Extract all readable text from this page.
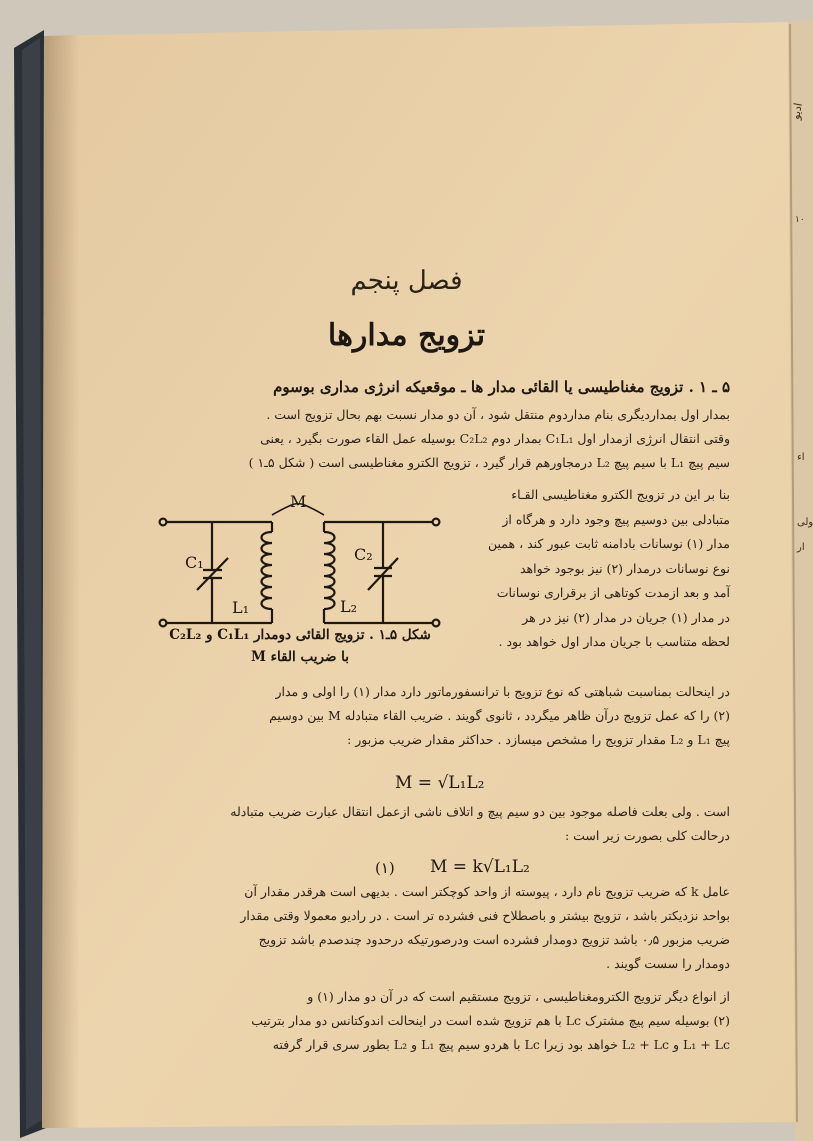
ادیو
۱۰
اء
ولی
ار
M
C₁
L₁
C₂
L₂
فصل پنجم
تزویج مدارها
۵ ـ ۱ . تزویج مغناطیسی یا القائی مدار ها ـ موقعیکه انرژی مداری بوسوم

بمدار اول بمداردیگری بنام مداردوم منتقل شود ، آن دو مدار نسبت بهم بحال تزویج است .

وقتی انتقال انرژی ازمدار اول C₁L₁ بمدار دوم C₂L₂ بوسیله عمل القاء صورت بگیرد ، یعنی

سیم پیچ L₁ با سیم پیچ L₂ درمجاورهم قرار گیرد ، تزویج الکترو مغناطیسی است ( شکل ۵ـ۱ )

بنا بر این در تزویج الکترو مغناطیسی القـاء

متبادلی بین دوسیم پیچ وجود دارد و هرگاه از

مدار (۱) نوسانات بادامنه ثابت عبور کند ، همین

نوع نوسانات درمدار (۲) نیز بوجود خواهد

آمد و بعد ازمدت کوتاهی از برقراری نوسانات

در مدار (۱) جریان در مدار (۲) نیز در هر

لحظه متناسب با جریان مدار اول خواهد بود .

شکل ۵ـ۱ . تزویج القائی دومدار C₁L₁ و C₂L₂
با ضریب القاء M

در اینحالت بمناسبت شباهتی که نوع تزویج با ترانسفورماتور دارد مدار (۱) را اولی و مدار

(۲) را که عمل تزویج درآن ظاهر میگردد ، ثانوی گویند . ضریب القاء متبادله M بین دوسیم

پیچ L₁ و L₂ مقدار تزویج را مشخص میسازد . حداکثر مقدار ضریب مزبور :

M = √L₁L₂

است . ولی بعلت فاصله موجود بین دو سیم پیچ و اتلاف ناشی ازعمل انتقال عبارت ضریب متبادله

درحالت کلی بصورت زیر است :

(۱) M = k√L₁L₂

عامل k که ضریب تزویج نام دارد ، پیوسته از واحد کوچکتر است . بدیهی است هرقدر مقدار آن

بواحد نزدیکتر باشد ، تزویج بیشتر و باصطلاح فنی فشرده تر است . در رادیو معمولا وقتی مقدار

ضریب مزبور ۰٫۵ باشد تزویج دومدار فشرده است ودرصورتیکه درحدود چندصدم باشد تزویج

دومدار را سست گویند .

از انواع دیگر تزویج الکترومغناطیسی ، تزویج مستقیم است که در آن دو مدار (۱) و

(۲) بوسیله سیم پیچ مشترک Lc با هم تزویج شده است در اینحالت اندوکتانس دو مدار بترتیب

L₁ + Lc و L₂ + Lc خواهد بود زیرا Lc با هردو سیم پیچ L₁ و L₂ بطور سری قرار گرفته
